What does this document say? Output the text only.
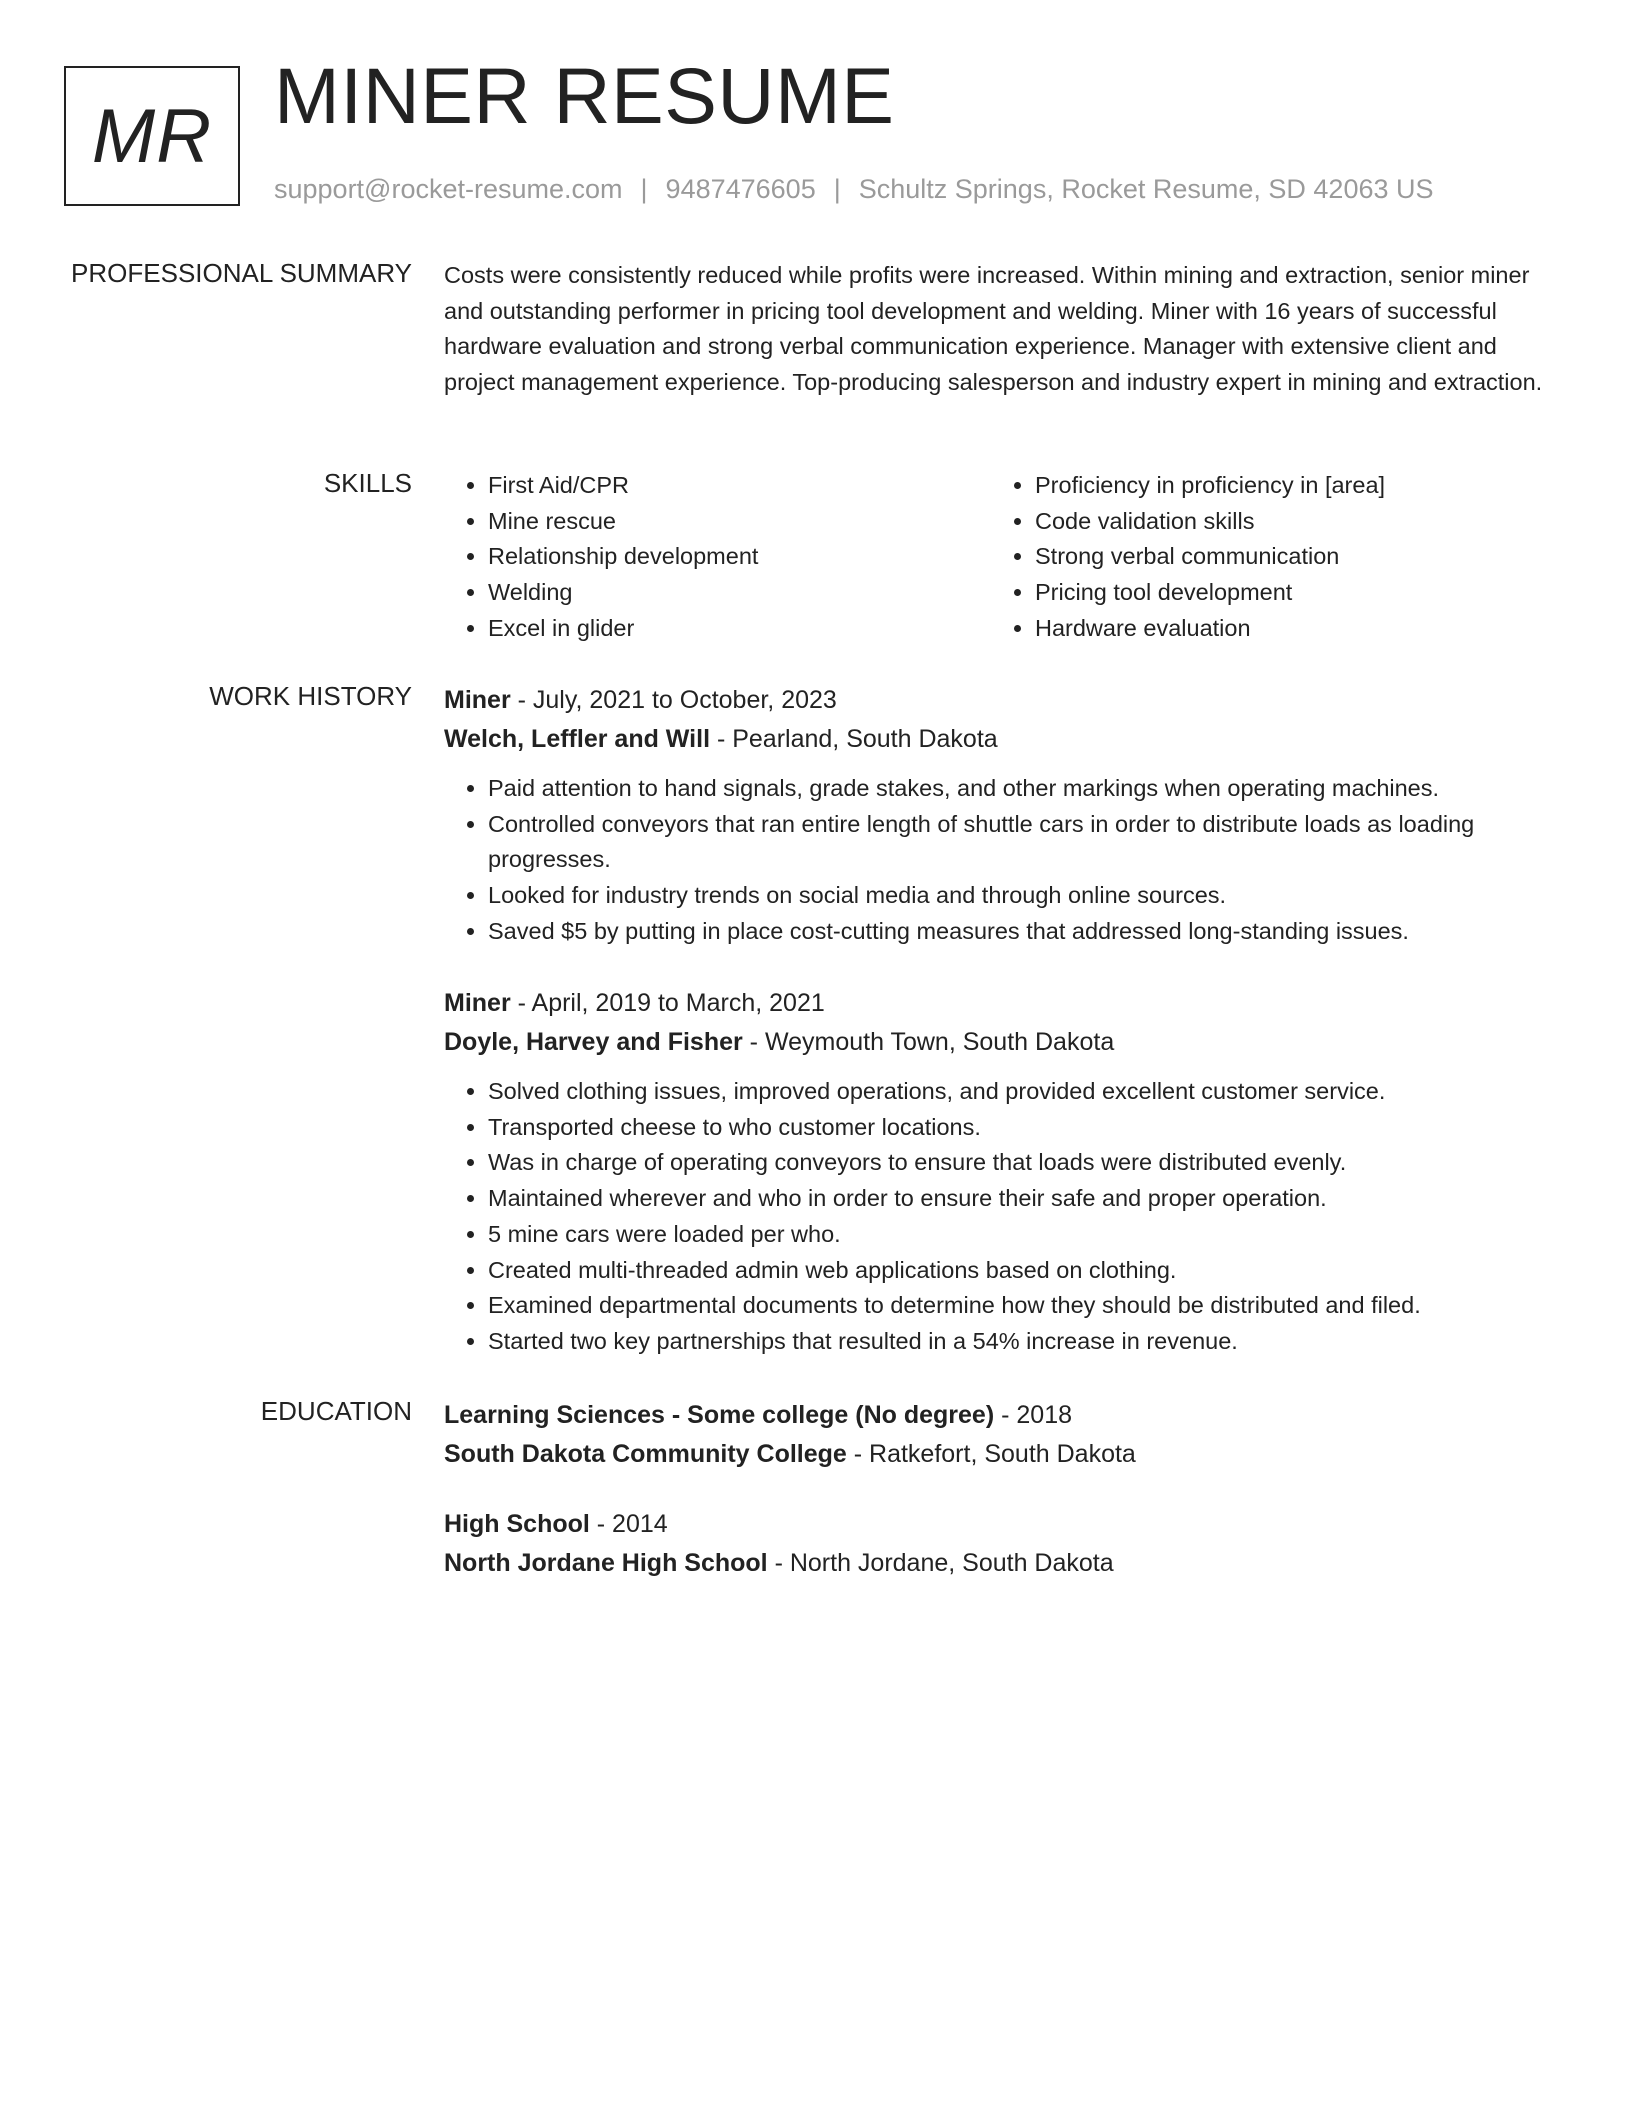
MR MINER RESUME
support@rocket-resume.com | 9487476605 | Schultz Springs, Rocket Resume, SD 42063 US
PROFESSIONAL SUMMARY Costs were consistently reduced while profits were increased. Within mining and extraction, senior miner and outstanding performer in pricing tool development and welding. Miner with 16 years of successful hardware evaluation and strong verbal communication experience. Manager with extensive client and project management experience. Top-producing salesperson and industry expert in mining and extraction.

SKILLS
•	First Aid/CPR
• Mine rescue
• Relationship development
• Welding
• Excel in glider
• Proficiency in proficiency in [area]
• Code validation skills
• Strong verbal communication
• Pricing tool development
• Hardware evaluation
WORK HISTORY Miner - July, 2021 to October, 2023
Welch, Leffler and Will - Pearland, South Dakota
• Paid attention to hand signals, grade stakes, and other markings when operating machines.
• Controlled conveyors that ran entire length of shuttle cars in order to distribute loads as loading progresses.
• Looked for industry trends on social media and through online sources.
• Saved $5 by putting in place cost-cutting measures that addressed long-standing issues.
Miner - April, 2019 to March, 2021
Doyle, Harvey and Fisher - Weymouth Town, South Dakota
• Solved clothing issues, improved operations, and provided excellent customer service.
• Transported cheese to who customer locations.
• Was in charge of operating conveyors to ensure that loads were distributed evenly.
• Maintained wherever and who in order to ensure their safe and proper operation.
• 5 mine cars were loaded per who.
• Created multi-threaded admin web applications based on clothing.
• Examined departmental documents to determine how they should be distributed and filed.
• Started two key partnerships that resulted in a 54% increase in revenue.
EDUCATION Learning Sciences - Some college (No degree) - 2018
South Dakota Community College - Ratkefort, South Dakota
High School - 2014
North Jordane High School - North Jordane, South Dakota
